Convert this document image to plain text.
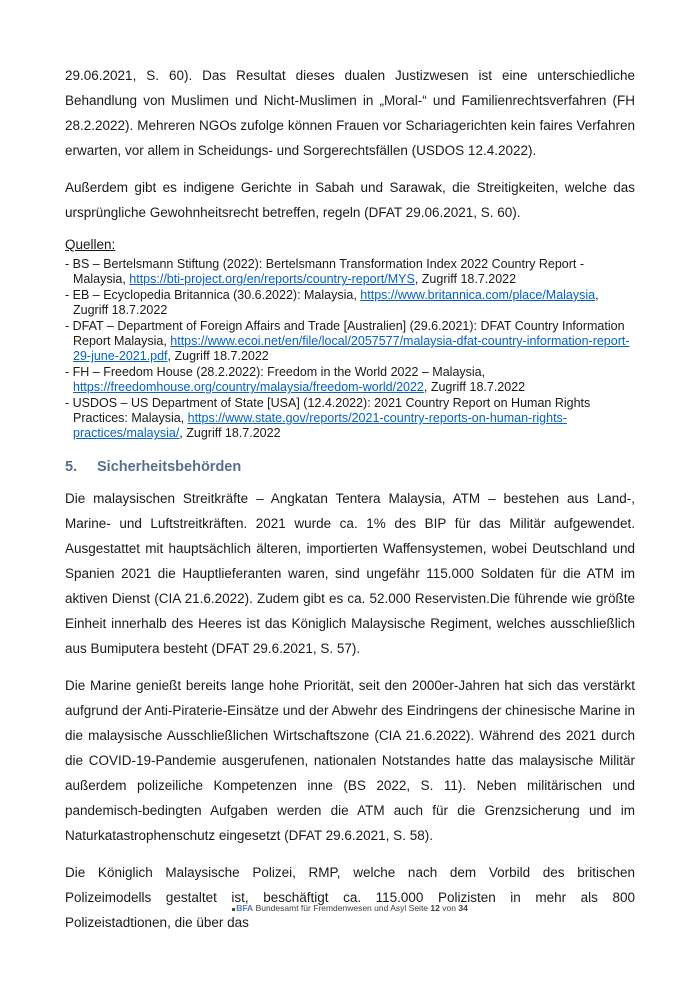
29.06.2021, S. 60). Das Resultat dieses dualen Justizwesen ist eine unterschiedliche Behandlung von Muslimen und Nicht-Muslimen in „Moral-“ und Familienrechtsverfahren (FH 28.2.2022). Mehreren NGOs zufolge können Frauen vor Schariagerichten kein faires Verfahren erwarten, vor allem in Scheidungs- und Sorgerechtsfällen (USDOS 12.4.2022).

Außerdem gibt es indigene Gerichte in Sabah und Sarawak, die Streitigkeiten, welche das ursprüngliche Gewohnheitsrecht betreffen, regeln (DFAT 29.06.2021, S. 60).

Quellen:

- BS – Bertelsmann Stiftung (2022): Bertelsmann Transformation Index 2022 Country Report - Malaysia, https://bti-project.org/en/reports/country-report/MYS, Zugriff 18.7.2022
- EB – Ecyclopedia Britannica (30.6.2022): Malaysia, https://www.britannica.com/place/Malaysia, Zugriff 18.7.2022
- DFAT – Department of Foreign Affairs and Trade [Australien] (29.6.2021): DFAT Country Information Report Malaysia, https://www.ecoi.net/en/file/local/2057577/malaysia-dfat-country-information-report-29-june-2021.pdf, Zugriff 18.7.2022
- FH – Freedom House (28.2.2022): Freedom in the World 2022 – Malaysia, https://freedomhouse.org/country/malaysia/freedom-world/2022, Zugriff 18.7.2022
- USDOS – US Department of State [USA] (12.4.2022): 2021 Country Report on Human Rights Practices: Malaysia, https://www.state.gov/reports/2021-country-reports-on-human-rights-practices/malaysia/, Zugriff 18.7.2022
5. Sicherheitsbehörden

Die malaysischen Streitkräfte – Angkatan Tentera Malaysia, ATM – bestehen aus Land-, Marine- und Luftstreitkräften. 2021 wurde ca. 1% des BIP für das Militär aufgewendet. Ausgestattet mit hauptsächlich älteren, importierten Waffensystemen, wobei Deutschland und Spanien 2021 die Hauptlieferanten waren, sind ungefähr 115.000 Soldaten für die ATM im aktiven Dienst (CIA 21.6.2022). Zudem gibt es ca. 52.000 Reservisten.Die führende wie größte Einheit innerhalb des Heeres ist das Königlich Malaysische Regiment, welches ausschließlich aus Bumiputera besteht (DFAT 29.6.2021, S. 57).

Die Marine genießt bereits lange hohe Priorität, seit den 2000er-Jahren hat sich das verstärkt aufgrund der Anti-Piraterie-Einsätze und der Abwehr des Eindringens der chinesische Marine in die malaysische Ausschließlichen Wirtschaftszone (CIA 21.6.2022). Während des 2021 durch die COVID-19-Pandemie ausgerufenen, nationalen Notstandes hatte das malaysische Militär außerdem polizeiliche Kompetenzen inne (BS 2022, S. 11). Neben militärischen und pandemisch-bedingten Aufgaben werden die ATM auch für die Grenzsicherung und im Naturkatastrophenschutz eingesetzt (DFAT 29.6.2021, S. 58).

Die Königlich Malaysische Polizei, RMP, welche nach dem Vorbild des britischen Polizeimodells gestaltet ist, beschäftigt ca. 115.000 Polizisten in mehr als 800 Polizeistadtionen, die über das

BFA Bundesamt für Fremdenwesen und Asyl Seite 12 von 34
